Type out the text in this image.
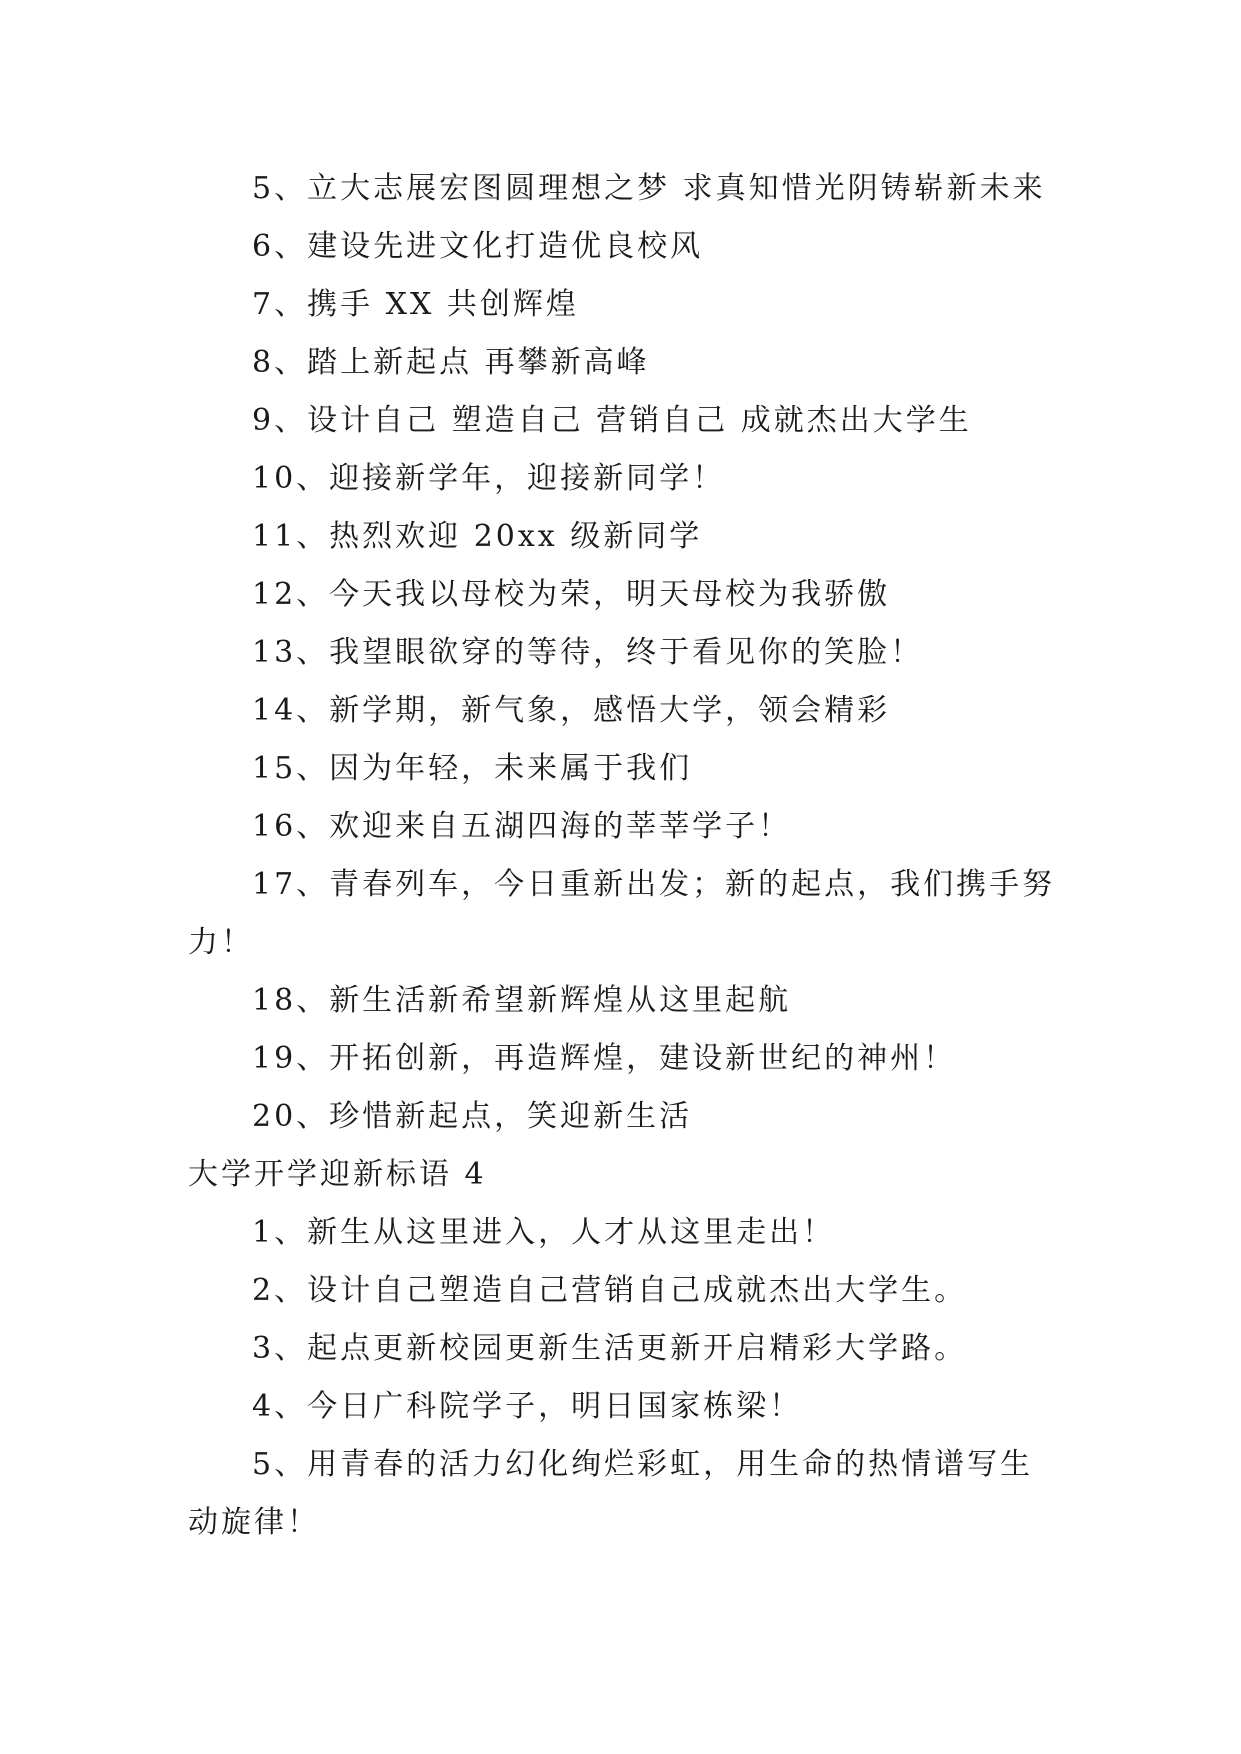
5、立大志展宏图圆理想之梦 求真知惜光阴铸崭新未来

6、建设先进文化打造优良校风

7、携手 XX 共创辉煌

8、踏上新起点 再攀新高峰

9、设计自己 塑造自己 营销自己 成就杰出大学生

10、迎接新学年，迎接新同学！

11、热烈欢迎 20xx 级新同学

12、今天我以母校为荣，明天母校为我骄傲

13、我望眼欲穿的等待，终于看见你的笑脸！

14、新学期，新气象，感悟大学，领会精彩

15、因为年轻，未来属于我们

16、欢迎来自五湖四海的莘莘学子！

17、青春列车，今日重新出发；新的起点，我们携手努力！

18、新生活新希望新辉煌从这里起航

19、开拓创新，再造辉煌，建设新世纪的神州！

20、珍惜新起点，笑迎新生活

大学开学迎新标语 4

1、新生从这里进入，人才从这里走出！

2、设计自己塑造自己营销自己成就杰出大学生。

3、起点更新校园更新生活更新开启精彩大学路。

4、今日广科院学子，明日国家栋梁！

5、用青春的活力幻化绚烂彩虹，用生命的热情谱写生动旋律！
